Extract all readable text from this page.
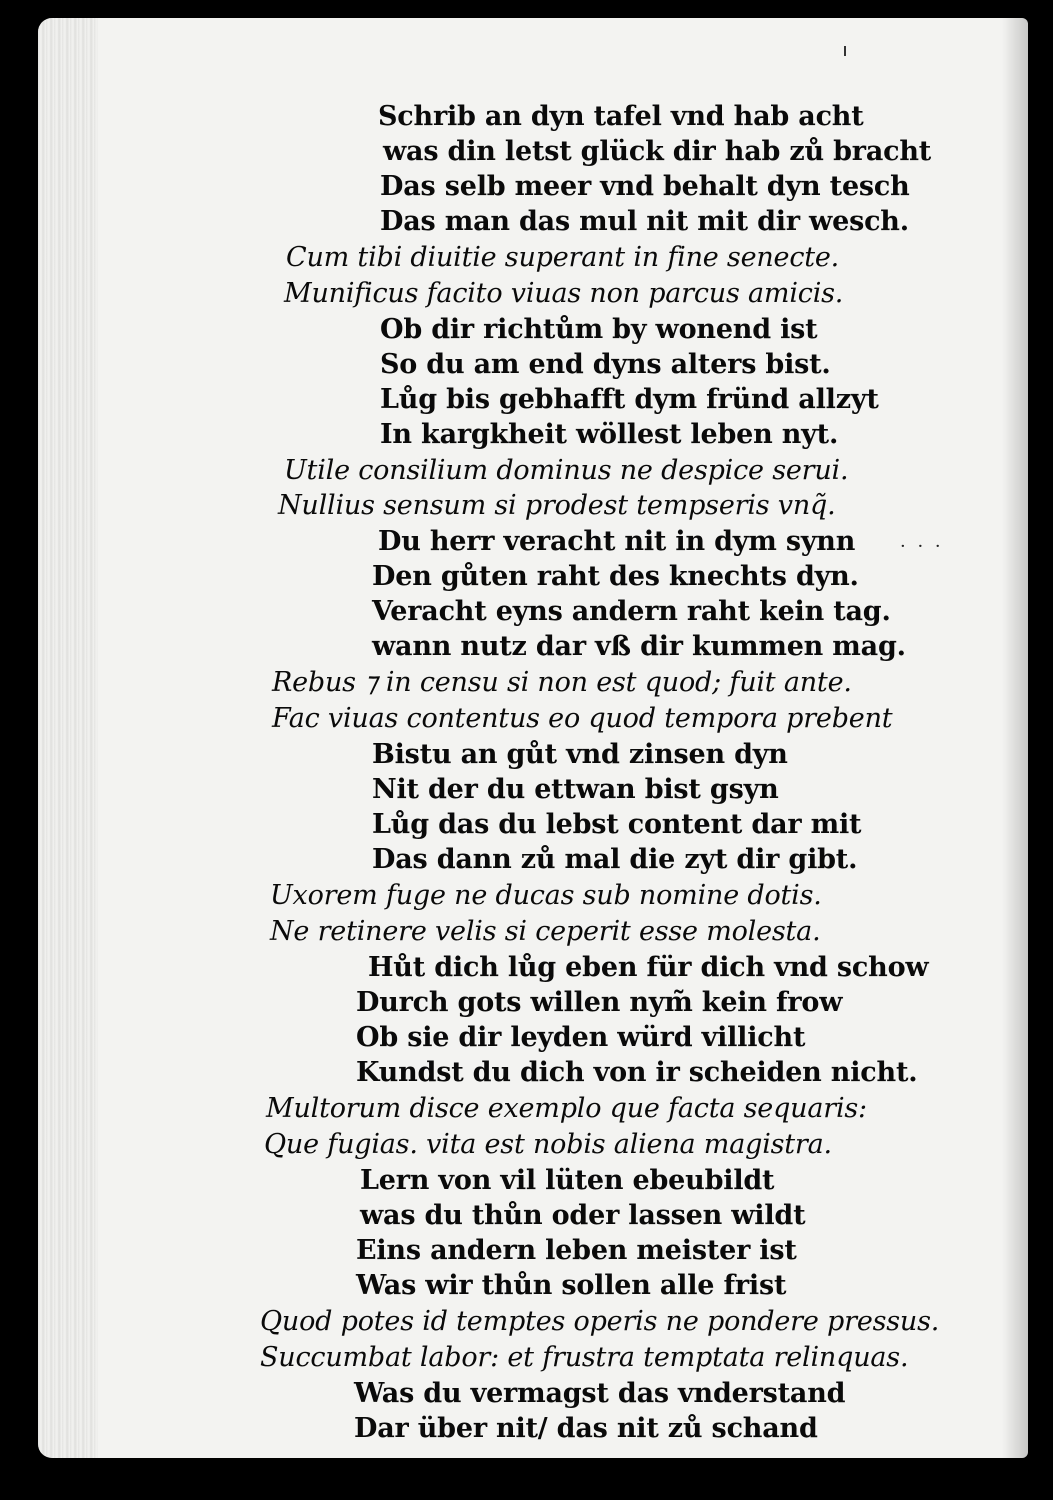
· · ·
Schrib an dyn tafel vnd hab acht
was din letst glück dir hab zů bracht
Das selb meer vnd behalt dyn tesch
Das man das mul nit mit dir wesch.
Cum tibi diuitie superant in fine senecte.
Munificus facito viuas non parcus amicis.
Ob dir richtům by wonend ist
So du am end dyns alters bist.
Lůg bis gebhafft dym fründ allzyt
In kargkheit wöllest leben nyt.
Utile consilium dominus ne despice serui.
Nullius sensum si prodest tempseris vnq̃.
Du herr veracht nit in dym synn
Den gůten raht des knechts dyn.
Veracht eyns andern raht kein tag.
wann nutz dar vß dir kummen mag.
Rebus ⁊ in censu si non est quod; fuit ante.
Fac viuas contentus eo quod tempora prebent
Bistu an gůt vnd zinsen dyn
Nit der du ettwan bist gsyn
Lůg das du lebst content dar mit
Das dann zů mal die zyt dir gibt.
Uxorem fuge ne ducas sub nomine dotis.
Ne retinere velis si ceperit esse molesta.
Hůt dich lůg eben für dich vnd schow
Durch gots willen nym̃ kein frow
Ob sie dir leyden würd villicht
Kundst du dich von ir scheiden nicht.
Multorum disce exemplo que facta sequaris:
Que fugias. vita est nobis aliena magistra.
Lern von vil lüten ebeubildt
was du thůn oder lassen wildt
Eins andern leben meister ist
Was wir thůn sollen alle frist
Quod potes id temptes operis ne pondere pressus.
Succumbat labor: et frustra temptata relinquas.
Was du vermagst das vnderstand
Dar über nit/ das nit zů schand
